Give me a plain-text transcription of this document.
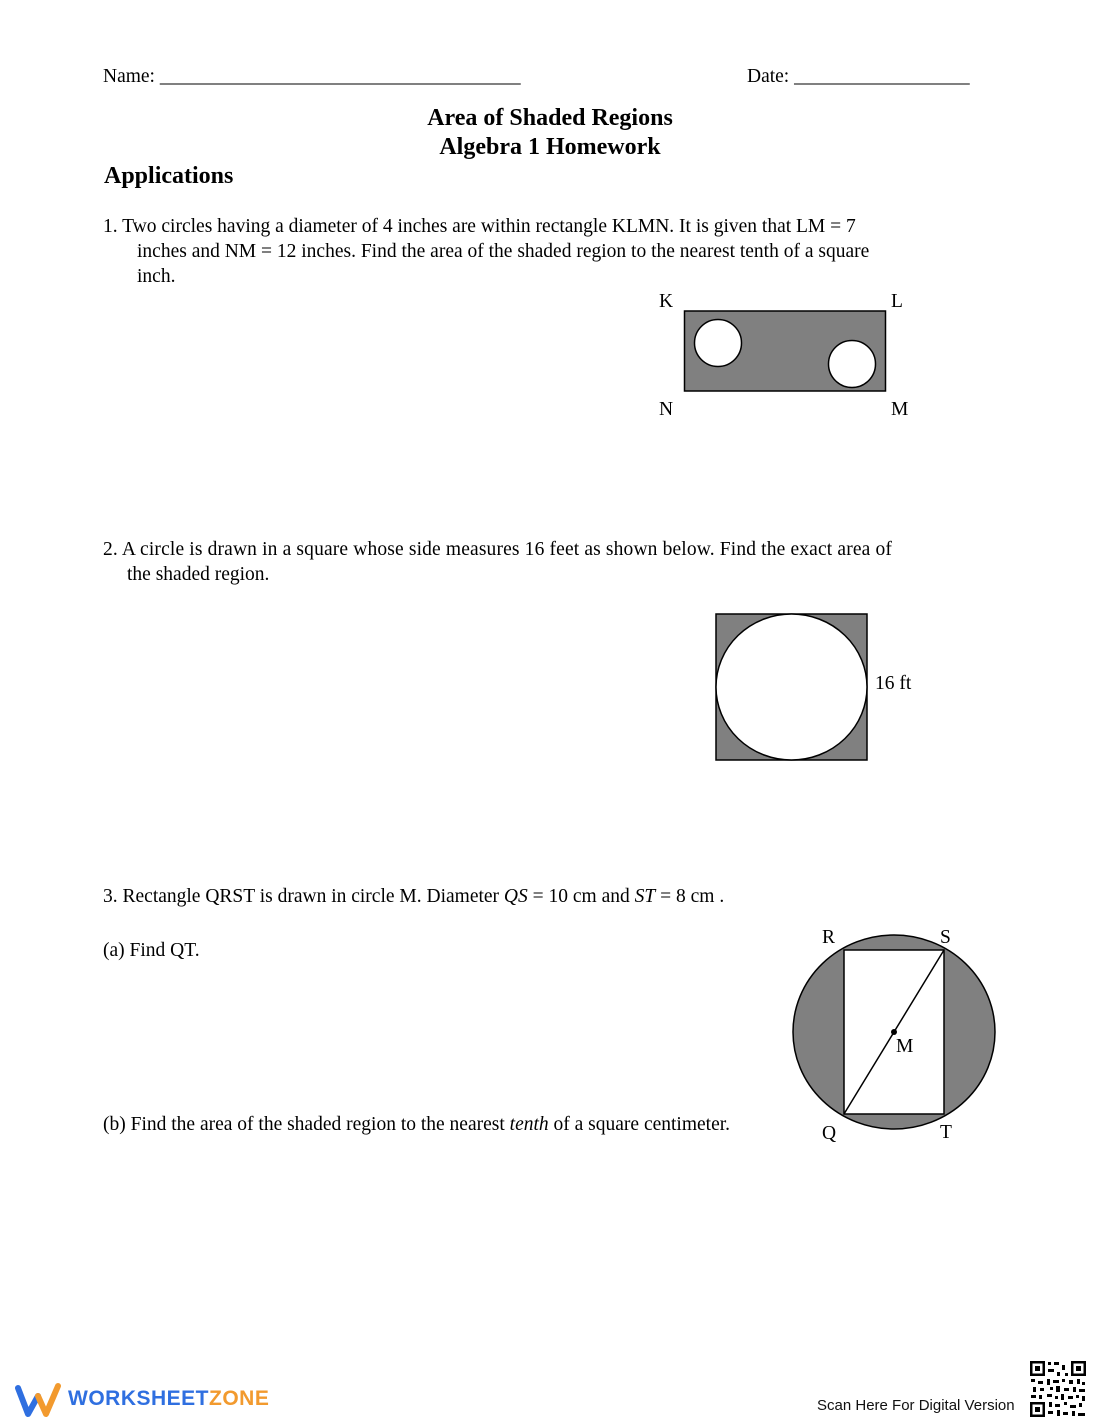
Name: _____________________________________	Date: __________________
Area of Shaded Regions
Algebra 1 Homework
Applications
1. Two circles having a diameter of 4 inches are within rectangle KLMN. It is given that LM = 7
inches and NM = 12 inches. Find the area of the shaded region to the nearest tenth of a square
inch.
K	L
N	M
2. A circle is drawn in a square whose side measures 16 feet as shown below. Find the exact area of
the shaded region.
16 ft
3. Rectangle QRST is drawn in circle M. Diameter QS = 10 cm and ST = 8 cm .
(a) Find QT.
(b) Find the area of the shaded region to the nearest tenth of a square centimeter.
R	S
M
Q	T
WORKSHEETZONE	Scan Here For Digital Version
